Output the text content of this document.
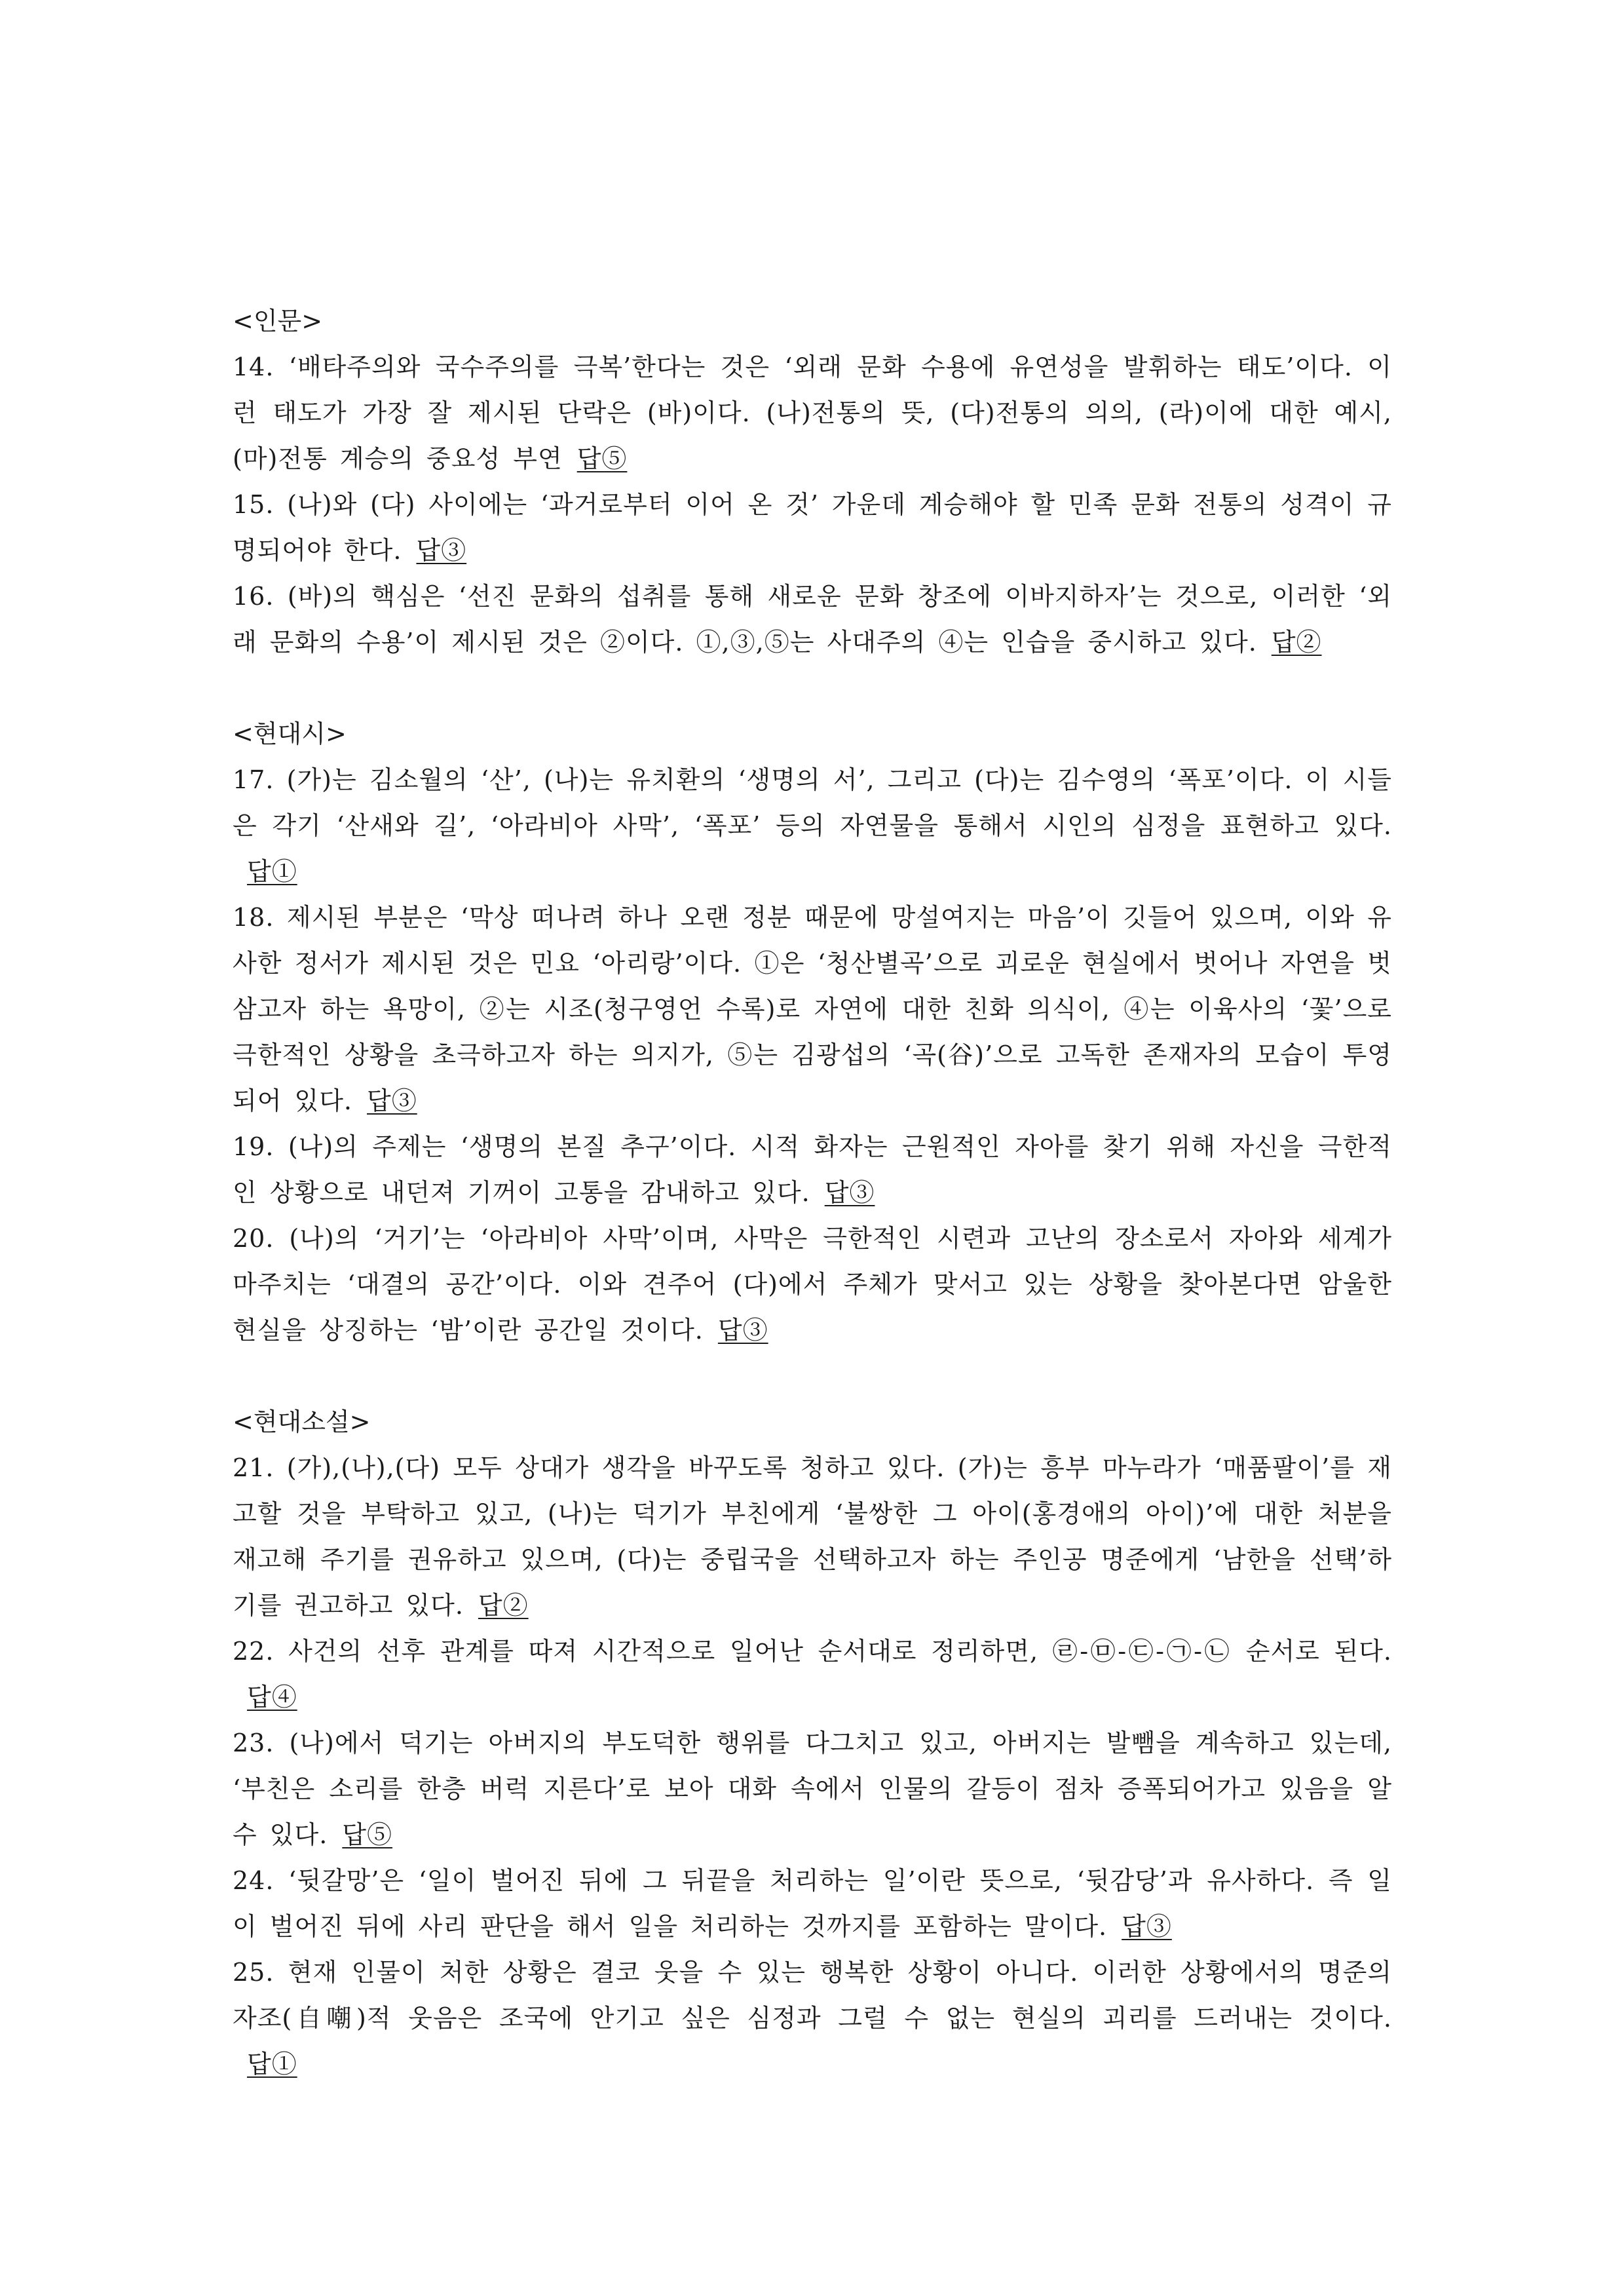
<인문>

14. ‘배타주의와 국수주의를 극복’한다는 것은 ‘외래 문화 수용에 유연성을 발휘하는 태도’이다. 이런 태도가 가장 잘 제시된 단락은 (바)이다. (나)전통의 뜻, (다)전통의 의의, (라)이에 대한 예시, (마)전통 계승의 중요성 부연 답⑤

15. (나)와 (다) 사이에는 ‘과거로부터 이어 온 것’ 가운데 계승해야 할 민족 문화 전통의 성격이 규명되어야 한다. 답③

16. (바)의 핵심은 ‘선진 문화의 섭취를 통해 새로운 문화 창조에 이바지하자’는 것으로, 이러한 ‘외래 문화의 수용’이 제시된 것은 ②이다. ①,③,⑤는 사대주의 ④는 인습을 중시하고 있다. 답②

<현대시>

17. (가)는 김소월의 ‘산’, (나)는 유치환의 ‘생명의 서’, 그리고 (다)는 김수영의 ‘폭포’이다. 이 시들은 각기 ‘산새와 길’, ‘아라비아 사막’, ‘폭포’ 등의 자연물을 통해서 시인의 심정을 표현하고 있다.답①

18. 제시된 부분은 ‘막상 떠나려 하나 오랜 정분 때문에 망설여지는 마음’이 깃들어 있으며, 이와 유사한 정서가 제시된 것은 민요 ‘아리랑’이다. ①은 ‘청산별곡’으로 괴로운 현실에서 벗어나 자연을 벗삼고자 하는 욕망이, ②는 시조(청구영언 수록)로 자연에 대한 친화 의식이, ④는 이육사의 ‘꽃’으로 극한적인 상황을 초극하고자 하는 의지가, ⑤는 김광섭의 ‘곡(谷)’으로 고독한 존재자의 모습이 투영되어 있다. 답③

19. (나)의 주제는 ‘생명의 본질 추구’이다. 시적 화자는 근원적인 자아를 찾기 위해 자신을 극한적인 상황으로 내던져 기꺼이 고통을 감내하고 있다. 답③

20. (나)의 ‘거기’는 ‘아라비아 사막’이며, 사막은 극한적인 시련과 고난의 장소로서 자아와 세계가 마주치는 ‘대결의 공간’이다. 이와 견주어 (다)에서 주체가 맞서고 있는 상황을 찾아본다면 암울한 현실을 상징하는 ‘밤’이란 공간일 것이다. 답③

<현대소설>

21. (가),(나),(다) 모두 상대가 생각을 바꾸도록 청하고 있다. (가)는 흥부 마누라가 ‘매품팔이’를 재고할 것을 부탁하고 있고, (나)는 덕기가 부친에게 ‘불쌍한 그 아이(홍경애의 아이)’에 대한 처분을 재고해 주기를 권유하고 있으며, (다)는 중립국을 선택하고자 하는 주인공 명준에게 ‘남한을 선택’하기를 권고하고 있다. 답②

22. 사건의 선후 관계를 따져 시간적으로 일어난 순서대로 정리하면, ㉣-㉤-㉢-㉠-㉡ 순서로 된다.답④

23. (나)에서 덕기는 아버지의 부도덕한 행위를 다그치고 있고, 아버지는 발뺌을 계속하고 있는데, ‘부친은 소리를 한층 버럭 지른다’로 보아 대화 속에서 인물의 갈등이 점차 증폭되어가고 있음을 알 수 있다. 답⑤

24. ‘뒷갈망’은 ‘일이 벌어진 뒤에 그 뒤끝을 처리하는 일’이란 뜻으로, ‘뒷감당’과 유사하다. 즉 일이 벌어진 뒤에 사리 판단을 해서 일을 처리하는 것까지를 포함하는 말이다. 답③

25. 현재 인물이 처한 상황은 결코 웃을 수 있는 행복한 상황이 아니다. 이러한 상황에서의 명준의 자조(自嘲)적 웃음은 조국에 안기고 싶은 심정과 그럴 수 없는 현실의 괴리를 드러내는 것이다.답①
